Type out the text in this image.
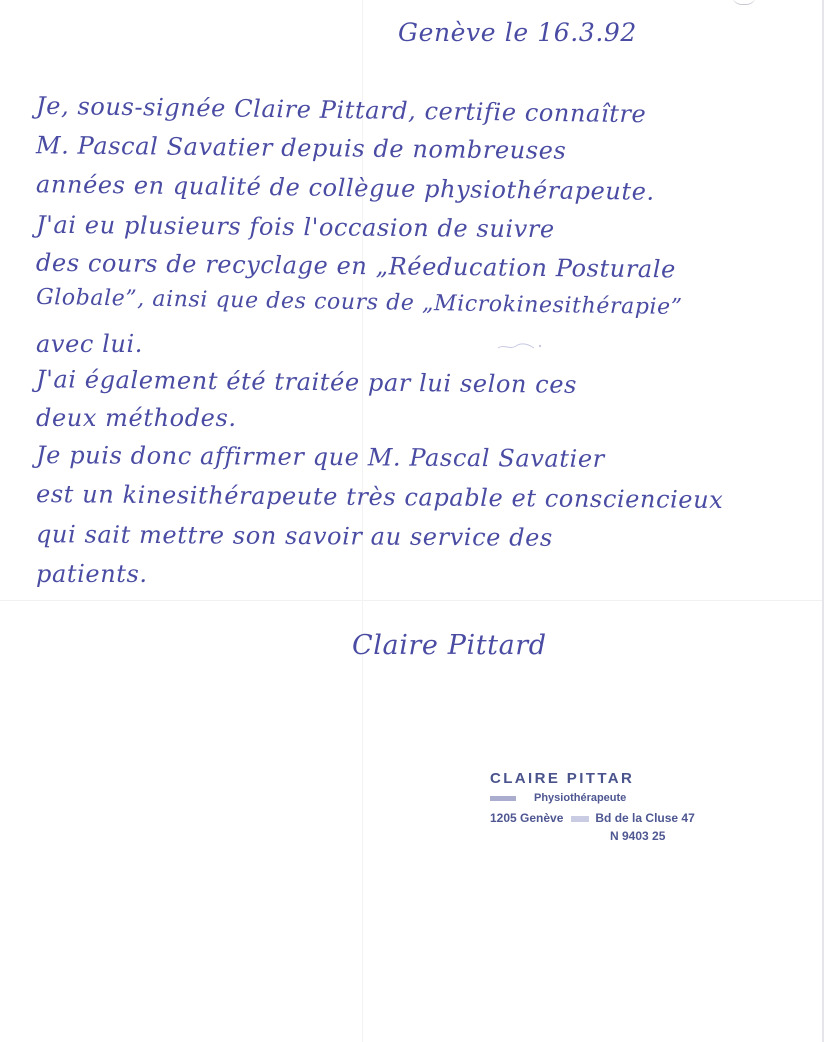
Genève le 16.3.92
Je, sous-signée Claire Pittard, certifie connaître
M. Pascal Savatier depuis de nombreuses
années en qualité de collègue physiothérapeute.
J'ai eu plusieurs fois l'occasion de suivre
des cours de recyclage en „Réeducation Posturale
Globale”, ainsi que des cours de „Microkinesithérapie”
avec lui.
J'ai également été traitée par lui selon ces
deux méthodes.
Je puis donc affirmer que M. Pascal Savatier
est un kinesithérapeute très capable et consciencieux
qui sait mettre son savoir au service des
patients.
Claire Pittard
CLAIRE PITTAR
Physiothérapeute
1205 Genève	Bd de la Cluse 47
N 9403 25
